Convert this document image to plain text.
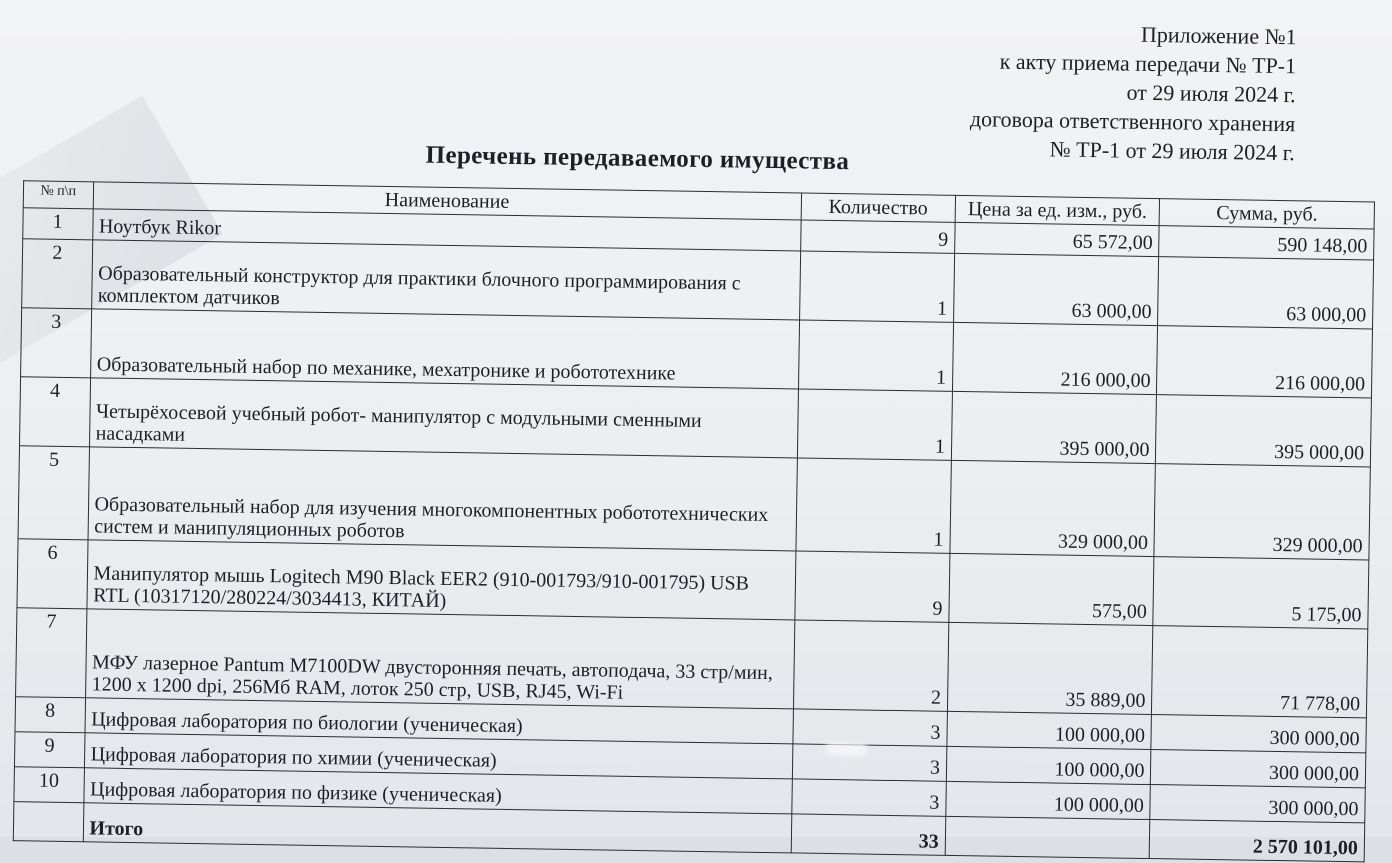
Приложение №1
к акту приема передачи № ТР-1
от 29 июля 2024 г.
договора ответственного хранения
№ ТР-1 от 29 июля 2024 г.
Перечень передаваемого имущества
№ п\п	Наименование	Количество	Цена за ед. изм., руб.	Сумма, руб.
1	Ноутбук Rikor	9	65 572,00	590 148,00
2	Образовательный конструктор для практики блочного программирования с комплектом датчиков	1	63 000,00	63 000,00
3	Образовательный набор по механике, мехатронике и робототехнике	1	216 000,00	216 000,00
4	Четырёхосевой учебный робот- манипулятор с модульными сменными насадками	1	395 000,00	395 000,00
5	Образовательный набор для изучения многокомпонентных робототехнических систем и манипуляционных роботов	1	329 000,00	329 000,00
6	Манипулятор мышь Logitech M90 Black EER2 (910-001793/910-001795) USB RTL (10317120/280224/3034413, КИТАЙ)	9	575,00	5 175,00
7	МФУ лазерное Pantum M7100DW двусторонняя печать, автоподача, 33 стр/мин, 1200 x 1200 dpi, 256Мб RAM, лоток 250 стр, USB, RJ45, Wi-Fi	2	35 889,00	71 778,00
8	Цифровая лаборатория по биологии (ученическая)	3	100 000,00	300 000,00
9	Цифровая лаборатория по химии (ученическая)	3	100 000,00	300 000,00
10	Цифровая лаборатория по физике (ученическая)	3	100 000,00	300 000,00
	Итого	33		2 570 101,00
